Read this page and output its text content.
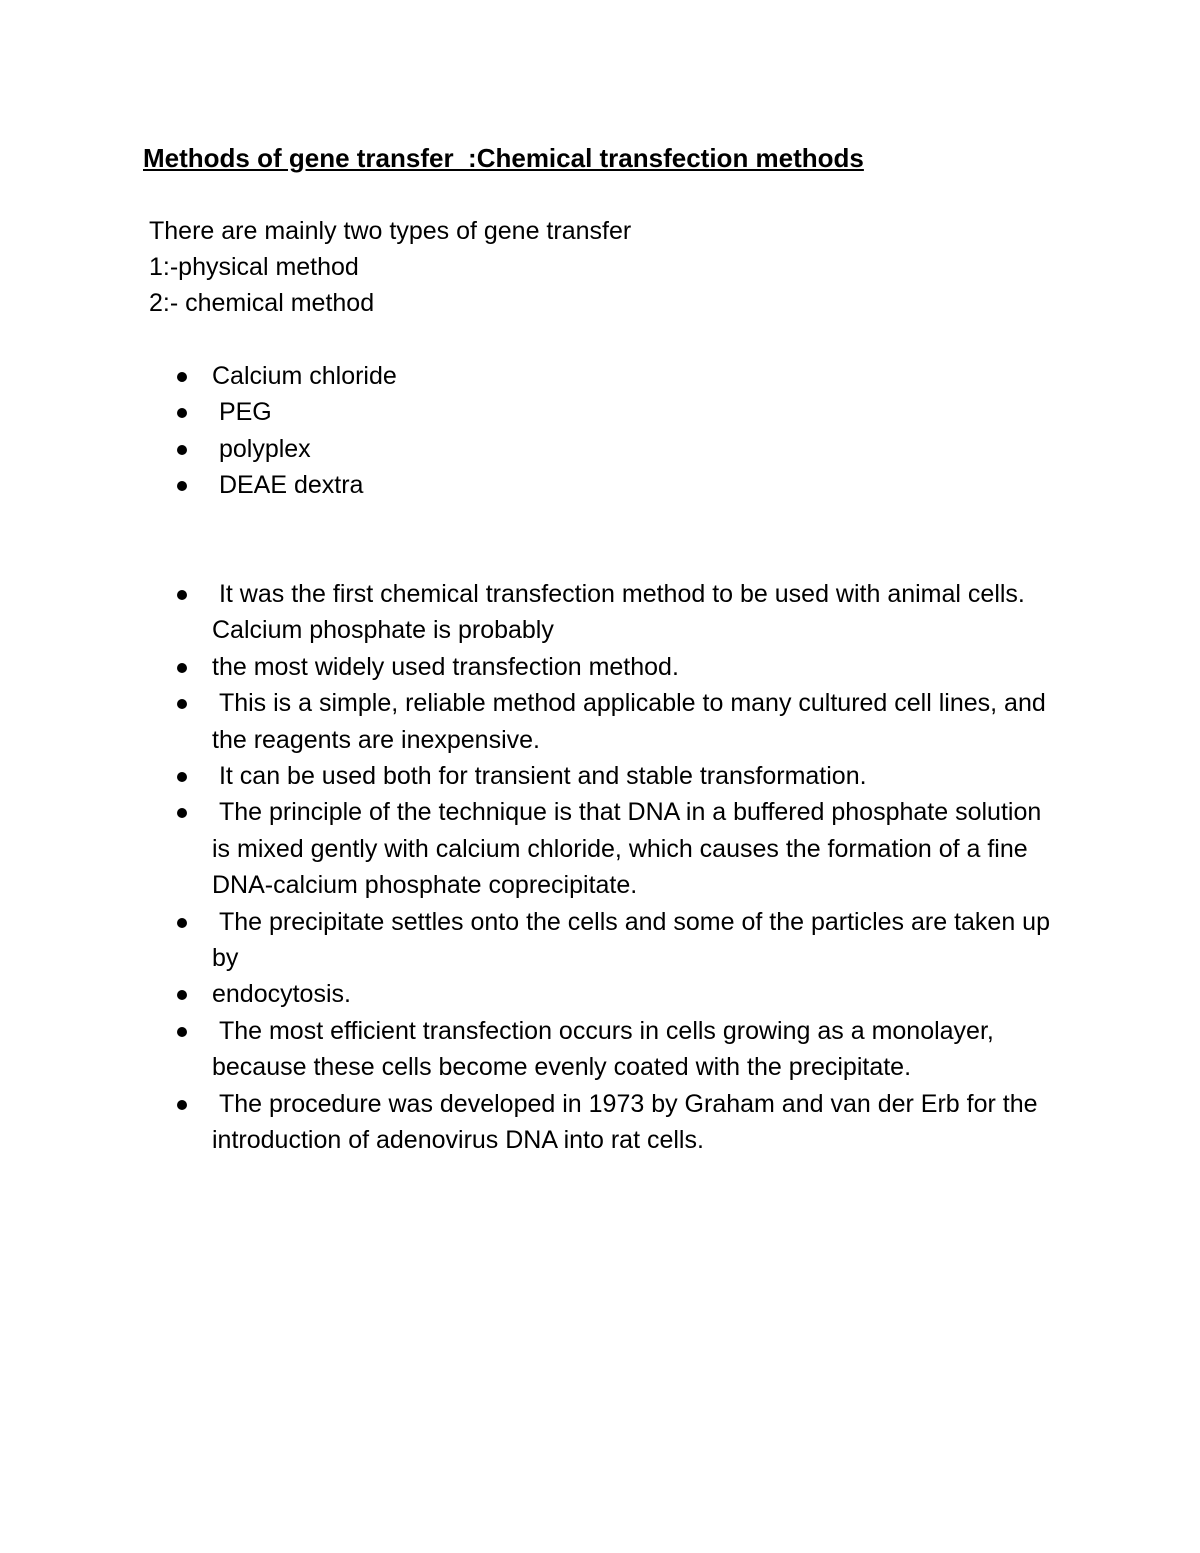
Methods of gene transfer  :Chemical transfection methods
There are mainly two types of gene transfer
1:-physical method
2:- chemical method
Calcium chloride
PEG
polyplex
DEAE dextra
It was the first chemical transfection method to be used with animal cells. Calcium phosphate is probably
the most widely used transfection method.
This is a simple, reliable method applicable to many cultured cell lines, and the reagents are inexpensive.
It can be used both for transient and stable transformation.
The principle of the technique is that DNA in a buffered phosphate solution is mixed gently with calcium chloride, which causes the formation of a fine DNA-calcium phosphate coprecipitate.
The precipitate settles onto the cells and some of the particles are taken up by
endocytosis.
The most efficient transfection occurs in cells growing as a monolayer, because these cells become evenly coated with the precipitate.
The procedure was developed in 1973 by Graham and van der Erb for the introduction of adenovirus DNA into rat cells.
